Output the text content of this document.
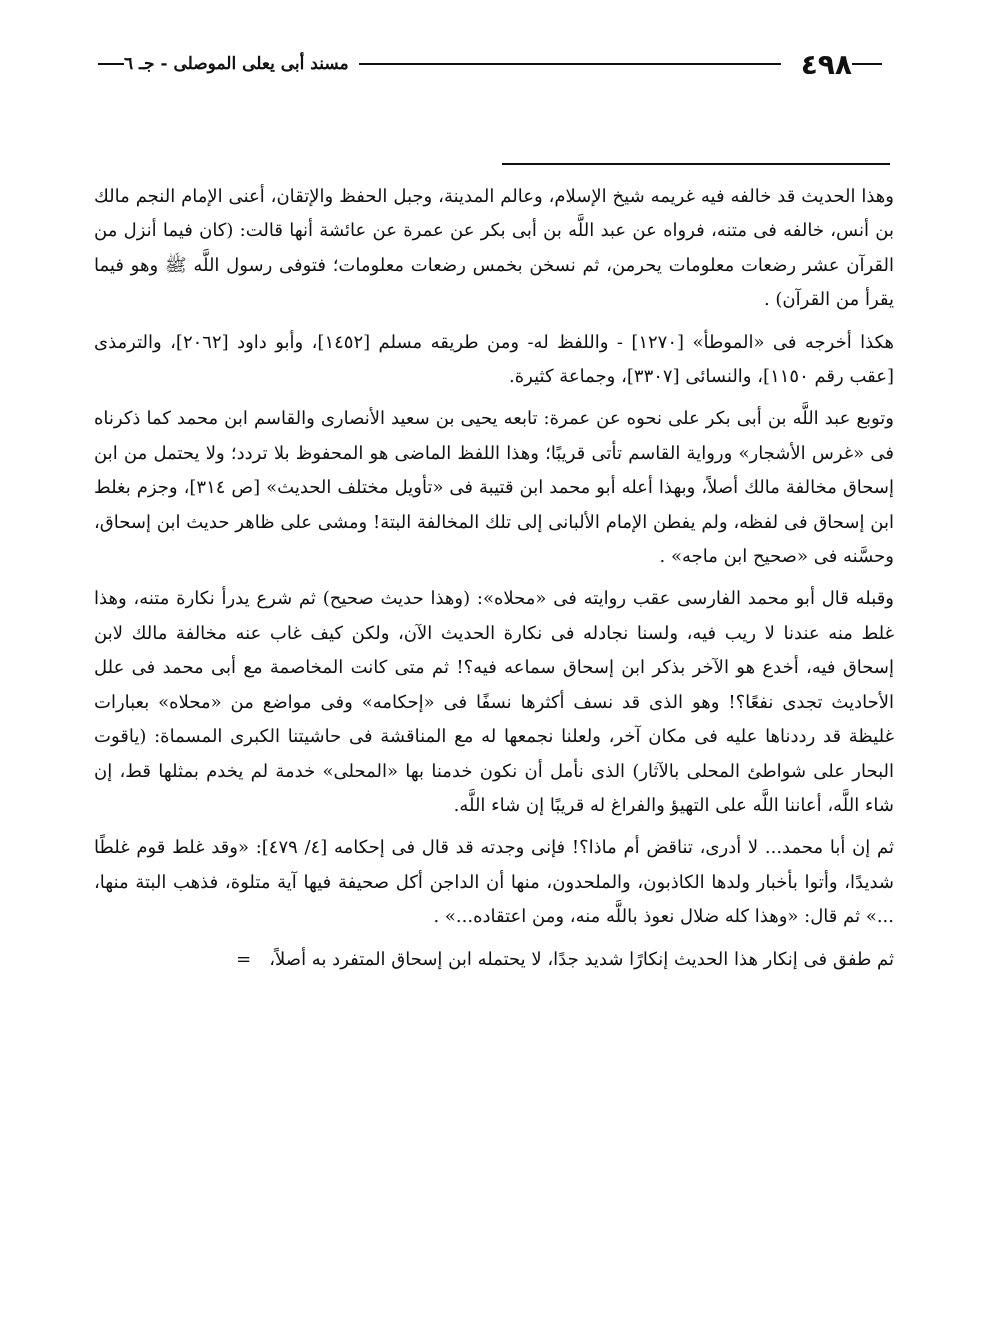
٤٩٨
مسند أبى يعلى الموصلى - جـ ٦

وهذا الحديث قد خالفه فيه غريمه شيخ الإسلام، وعالم المدينة، وجبل الحفظ والإتقان، أعنى الإمام النجم مالك بن أنس، خالفه فى متنه، فرواه عن عبد اللَّه بن أبى بكر عن عمرة عن عائشة أنها قالت: (كان فيما أنزل من القرآن عشر رضعات معلومات يحرمن، ثم نسخن بخمس رضعات معلومات؛ فتوفى رسول اللَّه ﷺ وهو فيما يقرأ من القرآن) .

هكذا أخرجه فى «الموطأ» [١٢٧٠] - واللفظ له- ومن طريقه مسلم [١٤٥٢]، وأبو داود [٢٠٦٢]، والترمذى [عقب رقم ١١٥٠]، والنسائى [٣٣٠٧]، وجماعة كثيرة.

وتوبع عبد اللَّه بن أبى بكر على نحوه عن عمرة: تابعه يحيى بن سعيد الأنصارى والقاسم ابن محمد كما ذكرناه فى «غرس الأشجار» ورواية القاسم تأتى قريبًا؛ وهذا اللفظ الماضى هو المحفوظ بلا تردد؛ ولا يحتمل من ابن إسحاق مخالفة مالك أصلاً، وبهذا أعله أبو محمد ابن قتيبة فى «تأويل مختلف الحديث» [ص ٣١٤]، وجزم بغلط ابن إسحاق فى لفظه، ولم يفطن الإمام الألبانى إلى تلك المخالفة البتة! ومشى على ظاهر حديث ابن إسحاق، وحسَّنه فى «صحيح ابن ماجه» .

وقبله قال أبو محمد الفارسى عقب روايته فى «محلاه»: (وهذا حديث صحيح) ثم شرع يدرأ نكارة متنه، وهذا غلط منه عندنا لا ريب فيه، ولسنا نجادله فى نكارة الحديث الآن، ولكن كيف غاب عنه مخالفة مالك لابن إسحاق فيه، أخدع هو الآخر بذكر ابن إسحاق سماعه فيه؟! ثم متى كانت المخاصمة مع أبى محمد فى علل الأحاديث تجدى نفعًا؟! وهو الذى قد نسف أكثرها نسفًا فى «إحكامه» وفى مواضع من «محلاه» بعبارات غليظة قد رددناها عليه فى مكان آخر، ولعلنا نجمعها له مع المناقشة فى حاشيتنا الكبرى المسماة: (ياقوت البحار على شواطئ المحلى بالآثار) الذى نأمل أن نكون خدمنا بها «المحلى» خدمة لم يخدم بمثلها قط، إن شاء اللَّه، أعاننا اللَّه على التهيؤ والفراغ له قريبًا إن شاء اللَّه.

ثم إن أبا محمد... لا أدرى، تناقض أم ماذا؟! فإنى وجدته قد قال فى إحكامه [٤/ ٤٧٩]: «وقد غلط قوم غلطًا شديدًا، وأتوا بأخبار ولدها الكاذبون، والملحدون، منها أن الداجن أكل صحيفة فيها آية متلوة، فذهب البتة منها، ...» ثم قال: «وهذا كله ضلال نعوذ باللَّه منه، ومن اعتقاده...» .

ثم طفق فى إنكار هذا الحديث إنكارًا شديد جدًا، لا يحتمله ابن إسحاق المتفرد به أصلاً،=
